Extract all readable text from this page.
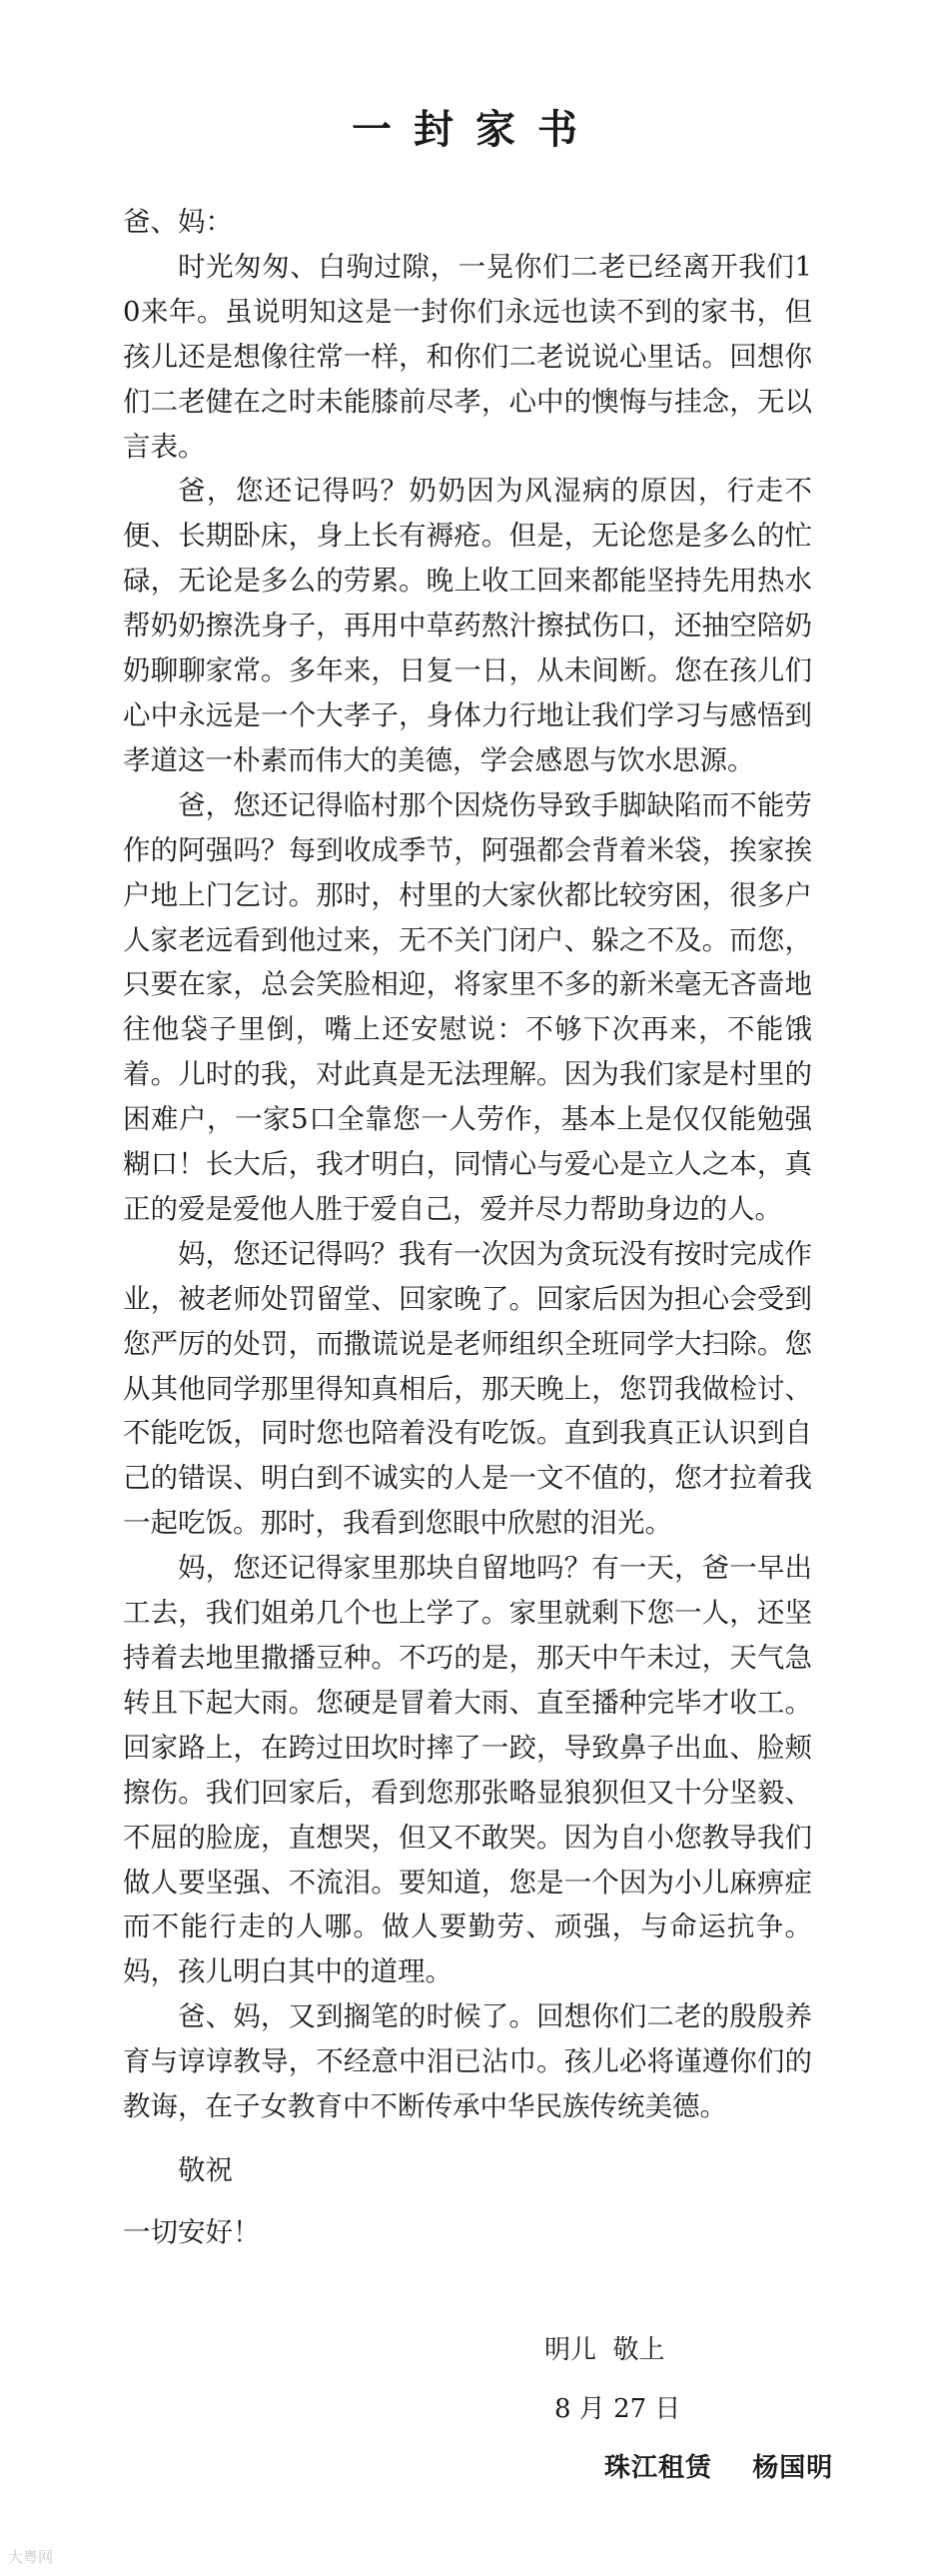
一封家书

爸、妈：

时光匆匆、白驹过隙，一晃你们二老已经离开我们10来年。虽说明知这是一封你们永远也读不到的家书，但孩儿还是想像往常一样，和你们二老说说心里话。回想你们二老健在之时未能膝前尽孝，心中的懊悔与挂念，无以言表。

爸，您还记得吗？奶奶因为风湿病的原因，行走不便、长期卧床，身上长有褥疮。但是，无论您是多么的忙碌，无论是多么的劳累。晚上收工回来都能坚持先用热水帮奶奶擦洗身子，再用中草药熬汁擦拭伤口，还抽空陪奶奶聊聊家常。多年来，日复一日，从未间断。您在孩儿们心中永远是一个大孝子，身体力行地让我们学习与感悟到孝道这一朴素而伟大的美德，学会感恩与饮水思源。

爸，您还记得临村那个因烧伤导致手脚缺陷而不能劳作的阿强吗？每到收成季节，阿强都会背着米袋，挨家挨户地上门乞讨。那时，村里的大家伙都比较穷困，很多户人家老远看到他过来，无不关门闭户、躲之不及。而您，只要在家，总会笑脸相迎，将家里不多的新米毫无吝啬地往他袋子里倒，嘴上还安慰说：不够下次再来，不能饿着。儿时的我，对此真是无法理解。因为我们家是村里的困难户，一家5口全靠您一人劳作，基本上是仅仅能勉强糊口！长大后，我才明白，同情心与爱心是立人之本，真正的爱是爱他人胜于爱自己，爱并尽力帮助身边的人。

妈，您还记得吗？我有一次因为贪玩没有按时完成作业，被老师处罚留堂、回家晚了。回家后因为担心会受到您严厉的处罚，而撒谎说是老师组织全班同学大扫除。您从其他同学那里得知真相后，那天晚上，您罚我做检讨、不能吃饭，同时您也陪着没有吃饭。直到我真正认识到自己的错误、明白到不诚实的人是一文不值的，您才拉着我一起吃饭。那时，我看到您眼中欣慰的泪光。

妈，您还记得家里那块自留地吗？有一天，爸一早出工去，我们姐弟几个也上学了。家里就剩下您一人，还坚持着去地里撒播豆种。不巧的是，那天中午未过，天气急转且下起大雨。您硬是冒着大雨、直至播种完毕才收工。回家路上，在跨过田坎时摔了一跤，导致鼻子出血、脸颊擦伤。我们回家后，看到您那张略显狼狈但又十分坚毅、不屈的脸庞，直想哭，但又不敢哭。因为自小您教导我们做人要坚强、不流泪。要知道，您是一个因为小儿麻痹症而不能行走的人哪。做人要勤劳、顽强，与命运抗争。妈，孩儿明白其中的道理。

爸、妈，又到搁笔的时候了。回想你们二老的殷殷养育与谆谆教导，不经意中泪已沾巾。孩儿必将谨遵你们的教诲，在子女教育中不断传承中华民族传统美德。

敬祝
一切安好！

明儿  敬上
8 月 27 日
珠江租赁    杨国明
大粤网
